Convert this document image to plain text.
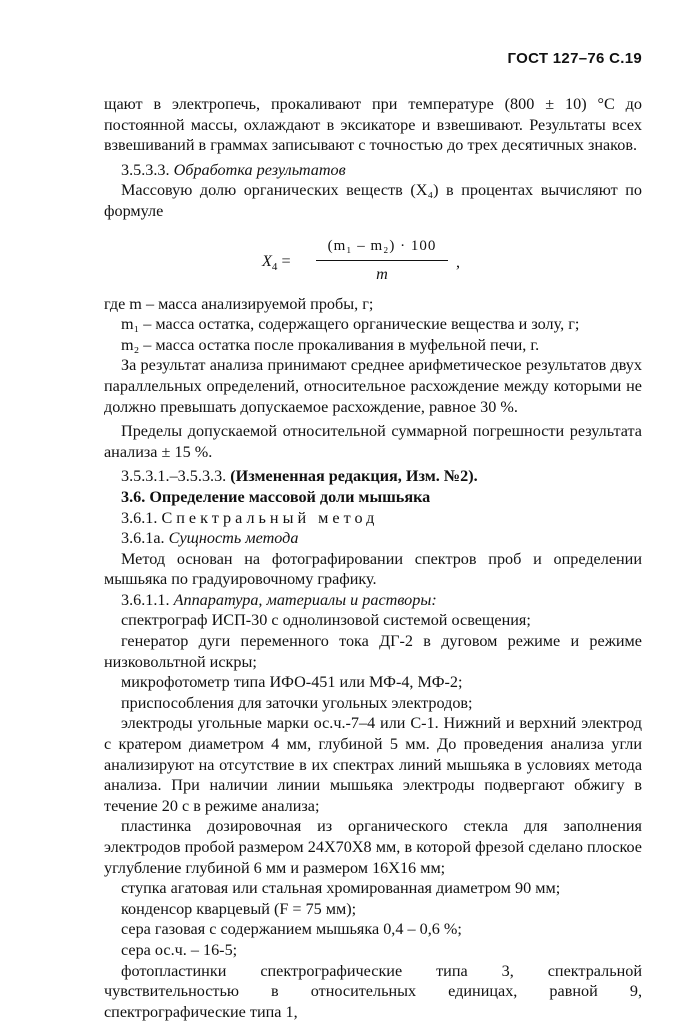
ГОСТ 127–76 С.19

щают в электропечь, прокаливают при температуре (800 ± 10) °С до постоянной массы, охлаждают в эксикаторе и взвешивают. Результаты всех взвешиваний в граммах записывают с точностью до трех десятичных знаков.

3.5.3.3. Обработка результатов

Массовую долю органических веществ (X₄) в процентах вычисляют по формуле

$X_4$ =
(m₁ – m₂) · 100
m
,

где m – масса анализируемой пробы, г;

m₁ – масса остатка, содержащего органические вещества и золу, г;

m₂ – масса остатка после прокаливания в муфельной печи, г.

За результат анализа принимают среднее арифметическое результатов двух параллельных определений, относительное расхождение между которыми не должно превышать допускаемое расхождение, равное 30 %.

Пределы допускаемой относительной суммарной погрешности результата анализа ± 15 %.

3.5.3.1.–3.5.3.3. (Измененная редакция, Изм. №2).

3.6. Определение массовой доли мышьяка

3.6.1. Спектральный метод

3.6.1а. Сущность метода

Метод основан на фотографировании спектров проб и определении мышьяка по градуировочному графику.

3.6.1.1. Аппаратура, материалы и растворы:

спектрограф ИСП-30 с однолинзовой системой освещения;

генератор дуги переменного тока ДГ-2 в дуговом режиме и режиме низковольтной искры;

микрофотометр типа ИФО-451 или МФ-4, МФ-2;

приспособления для заточки угольных электродов;

электроды угольные марки ос.ч.-7–4 или С-1. Нижний и верхний электрод с кратером диаметром 4 мм, глубиной 5 мм. До проведения анализа угли анализируют на отсутствие в их спектрах линий мышьяка в условиях метода анализа. При наличии линии мышьяка электроды подвергают обжигу в течение 20 с в режиме анализа;

пластинка дозировочная из органического стекла для заполнения электродов пробой размером 24Х70Х8 мм, в которой фрезой сделано плоское углубление глубиной 6 мм и размером 16Х16 мм;

ступка агатовая или стальная хромированная диаметром 90 мм;

конденсор кварцевый (F = 75 мм);

сера газовая с содержанием мышьяка 0,4 – 0,6 %;

сера ос.ч. – 16-5;

фотопластинки спектрографические типа 3, спектральной чувствительностью в относительных единицах, равной 9, спектрографические типа 1,
